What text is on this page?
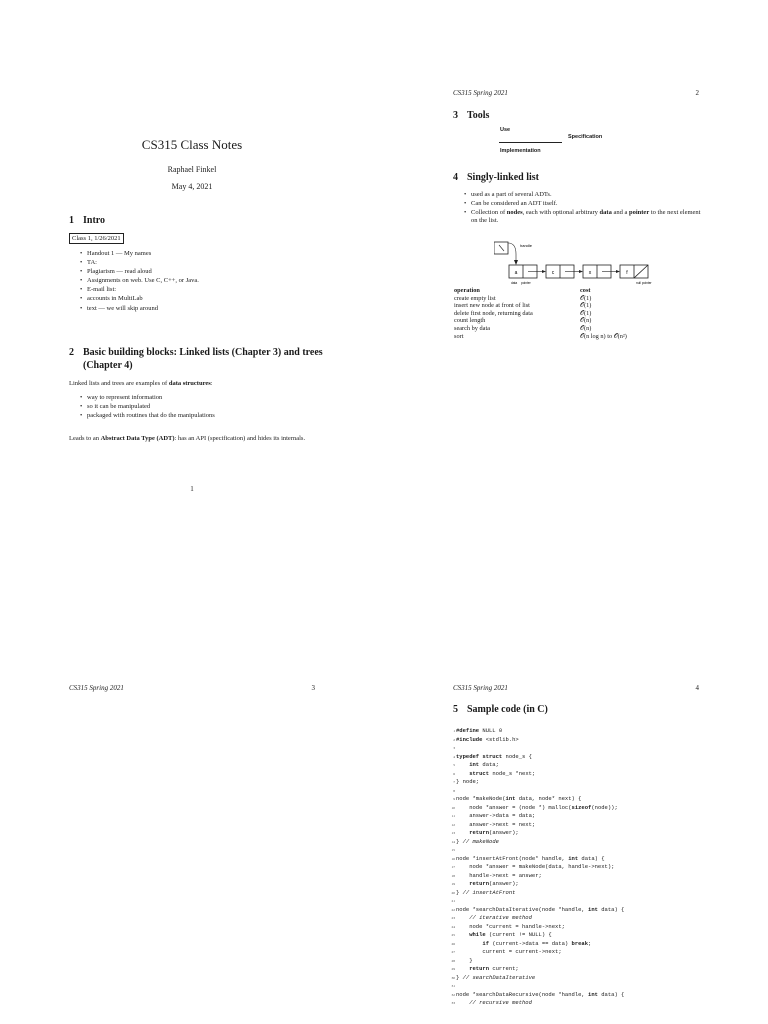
CS315 Class Notes
Raphael Finkel
May 4, 2021
1 Intro
Class 1, 1/26/2021
• Handout 1 — My names
• TA:
• Plagiarism — read aloud
• Assignments on web. Use C, C++, or Java.
• E-mail list:
• accounts in MultiLab
• text — we will skip around
2 Basic building blocks: Linked lists (Chapter 3) and trees (Chapter 4)
Linked lists and trees are examples of data structures:
• way to represent information
• so it can be manipulated
• packaged with routines that do the manipulations
Leads to an Abstract Data Type (ADT): has an API (specification) and hides its internals.
1
CS315 Spring 2021	2
3 Tools
Use
Specification
Implementation
4 Singly-linked list
• used as a part of several ADTs.
• Can be considered an ADT itself.
• Collection of nodes, each with optional arbitrary data and a pointer to the next element on the list.
handle
a	c	x	f
data pointer	null pointer
operation	cost
create empty list	𝒪(1)
insert new node at front of list	𝒪(1)
delete first node, returning data	𝒪(1)
count length	𝒪(n)
search by data	𝒪(n)
sort	𝒪(n log n) to 𝒪(n²)
CS315 Spring 2021	3	CS315 Spring 2021	4
5 Sample code (in C)
1#define NULL 0
2#include <stdlib.h>
3
4typedef struct node_s {
5	int data;
6	struct node_s *next;
7} node;
8
9node *makeNode(int data, node* next) {
10    node *answer = (node *) malloc(sizeof(node));
11    answer->data = data;
12    answer->next = next;
13	return(answer);
14} // makeNode
15
16node *insertAtFront(node* handle, int data) {
17    node *answer = makeNode(data, handle->next);
18    handle->next = answer;
19	return(answer);
20} // insertAtFront
21
22node *searchDataIterative(node *handle, int data) {
23	// iterative method
24    node *current = handle->next;
25	while (current != NULL) {
26	if (current->data == data) break;
27        current = current->next;
28    }
29	return current;
30} // searchDataIterative
31
32node *searchDataRecursive(node *handle, int data) {
33	// recursive method
